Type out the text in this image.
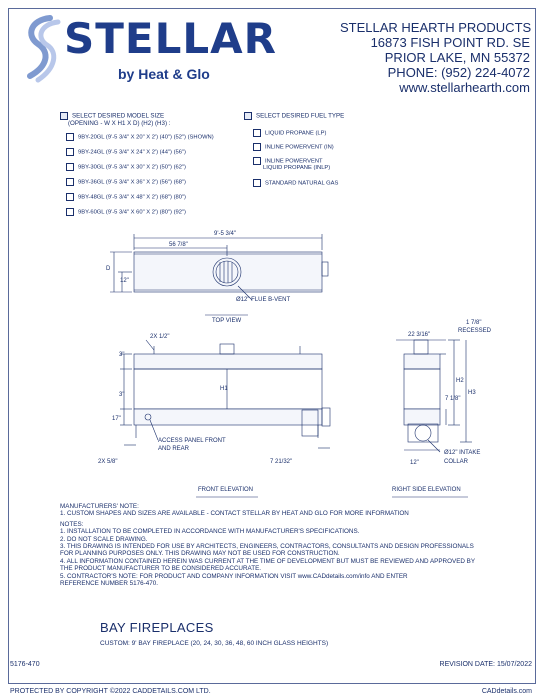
STELLAR
by Heat & Glo
STELLAR HEARTH PRODUCTS
16873 FISH POINT RD. SE
PRIOR LAKE, MN 55372
PHONE: (952) 224-4072
www.stellarhearth.com
SELECT DESIRED MODEL SIZE
(OPENING - W X H1 X D) (H2) (H3) :
9BY-20GL (9'-5 3/4" X 20" X 2') (40") (52") (SHOWN)
9BY-24GL (9'-5 3/4" X 24" X 2') (44") (56")
9BY-30GL (9'-5 3/4" X 30" X 2') (50") (62")
9BY-36GL (9'-5 3/4" X 36" X 2') (56") (68")
9BY-48GL (9'-5 3/4" X 48" X 2') (68") (80")
9BY-60GL (9'-5 3/4" X 60" X 2') (80") (92")
SELECT DESIRED FUEL TYPE
LIQUID PROPANE (LP)
INLINE POWERVENT (IN)
INLINE POWERVENT
LIQUID PROPANE (INLP)
STANDARD NATURAL GAS
9'-5 3/4"
56 7/8"
D
12"
Ø12" FLUE B-VENT
TOP VIEW
2X 1/2"
3"
3"
17"
H1
ACCESS PANEL FRONT
AND REAR
2X 5/8"	7 21/32"
FRONT ELEVATION
1 7/8"
RECESSED
22 3/16"
H2
H3
7 1/8"
12"
Ø12" INTAKE
COLLAR
RIGHT SIDE ELEVATION
MANUFACTURERS' NOTE:
1. CUSTOM SHAPES AND SIZES ARE AVAILABLE - CONTACT STELLAR BY HEAT AND GLO FOR MORE INFORMATION
NOTES:
1. INSTALLATION TO BE COMPLETED IN ACCORDANCE WITH MANUFACTURER'S SPECIFICATIONS.
2. DO NOT SCALE DRAWING.
3. THIS DRAWING IS INTENDED FOR USE BY ARCHITECTS, ENGINEERS, CONTRACTORS, CONSULTANTS AND DESIGN PROFESSIONALS
FOR PLANNING PURPOSES ONLY. THIS DRAWING MAY NOT BE USED FOR CONSTRUCTION.
4. ALL INFORMATION CONTAINED HEREIN WAS CURRENT AT THE TIME OF DEVELOPMENT BUT MUST BE REVIEWED AND APPROVED BY
THE PRODUCT MANUFACTURER TO BE CONSIDERED ACCURATE.
5. CONTRACTOR'S NOTE: FOR PRODUCT AND COMPANY INFORMATION VISIT www.CADdetails.com/info AND ENTER
REFERENCE NUMBER 5176-470.
BAY FIREPLACES
CUSTOM: 9' BAY FIREPLACE (20, 24, 30, 36, 48, 60 INCH GLASS HEIGHTS)
5176-470	REVISION DATE: 15/07/2022
PROTECTED BY COPYRIGHT ©2022 CADDETAILS.COM LTD.	CADdetails.com
